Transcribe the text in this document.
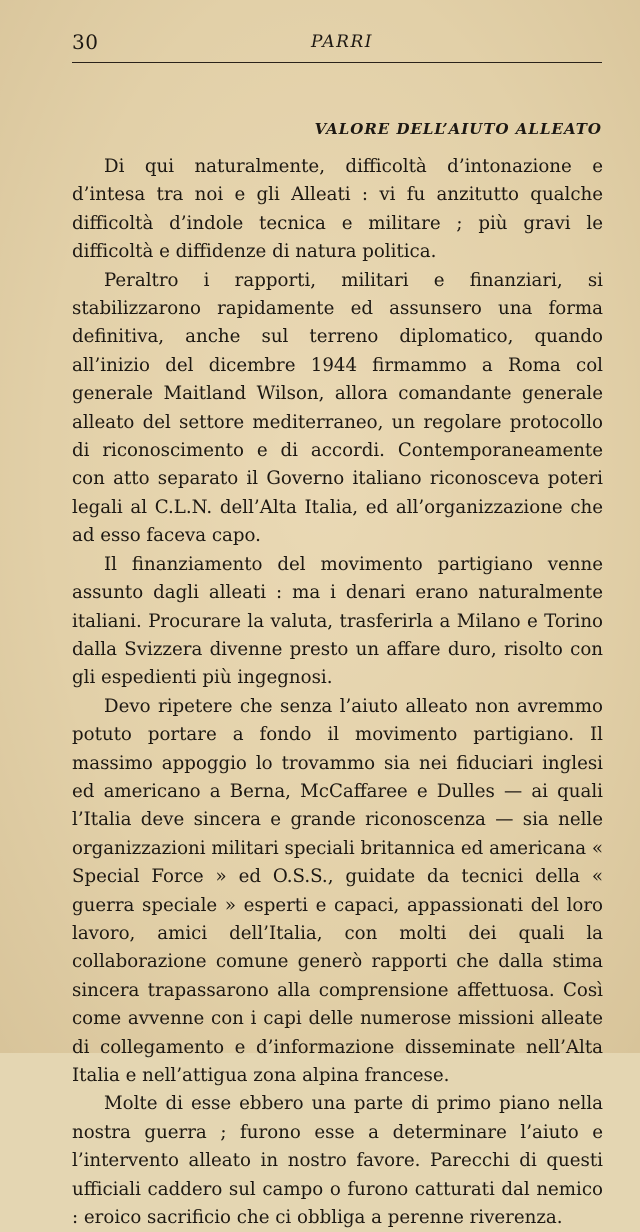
30	PARRI
VALORE DELL’AIUTO ALLEATO

Di qui naturalmente, difficoltà d’intonazione e d’intesa tra noi e gli Alleati : vi fu anzitutto qualche difficoltà d’indole tecnica e militare ; più gravi le difficoltà e diffidenze di natura politica.

Peraltro i rapporti, militari e finanziari, si stabilizzarono rapidamente ed assunsero una forma definitiva, anche sul terreno diplomatico, quando all’inizio del dicembre 1944 firmammo a Roma col generale Maitland Wilson, allora comandante generale alleato del settore mediterraneo, un regolare protocollo di riconoscimento e di accordi. Contemporaneamente con atto separato il Governo italiano riconosceva poteri legali al C.L.N. dell’Alta Italia, ed all’organizzazione che ad esso faceva capo.

Il finanziamento del movimento partigiano venne assunto dagli alleati : ma i denari erano naturalmente italiani. Procurare la valuta, trasferirla a Milano e Torino dalla Svizzera divenne presto un affare duro, risolto con gli espedienti più ingegnosi.

Devo ripetere che senza l’aiuto alleato non avremmo potuto portare a fondo il movimento partigiano. Il massimo appoggio lo trovammo sia nei fiduciari inglesi ed americano a Berna, McCaffaree e Dulles — ai quali l’Italia deve sincera e grande riconoscenza — sia nelle organizzazioni militari speciali britannica ed americana « Special Force » ed O.S.S., guidate da tecnici della « guerra speciale » esperti e capaci, appassionati del loro lavoro, amici dell’Italia, con molti dei quali la collaborazione comune generò rapporti che dalla stima sincera trapassarono alla comprensione affettuosa. Così come avvenne con i capi delle numerose missioni alleate di collegamento e d’informazione disseminate nell’Alta Italia e nell’attigua zona alpina francese.

Molte di esse ebbero una parte di primo piano nella nostra guerra ; furono esse a determinare l’aiuto e l’intervento alleato in nostro favore. Parecchi di questi ufficiali caddero sul campo o furono catturati dal nemico : eroico sacrificio che ci obbliga a perenne riverenza.
